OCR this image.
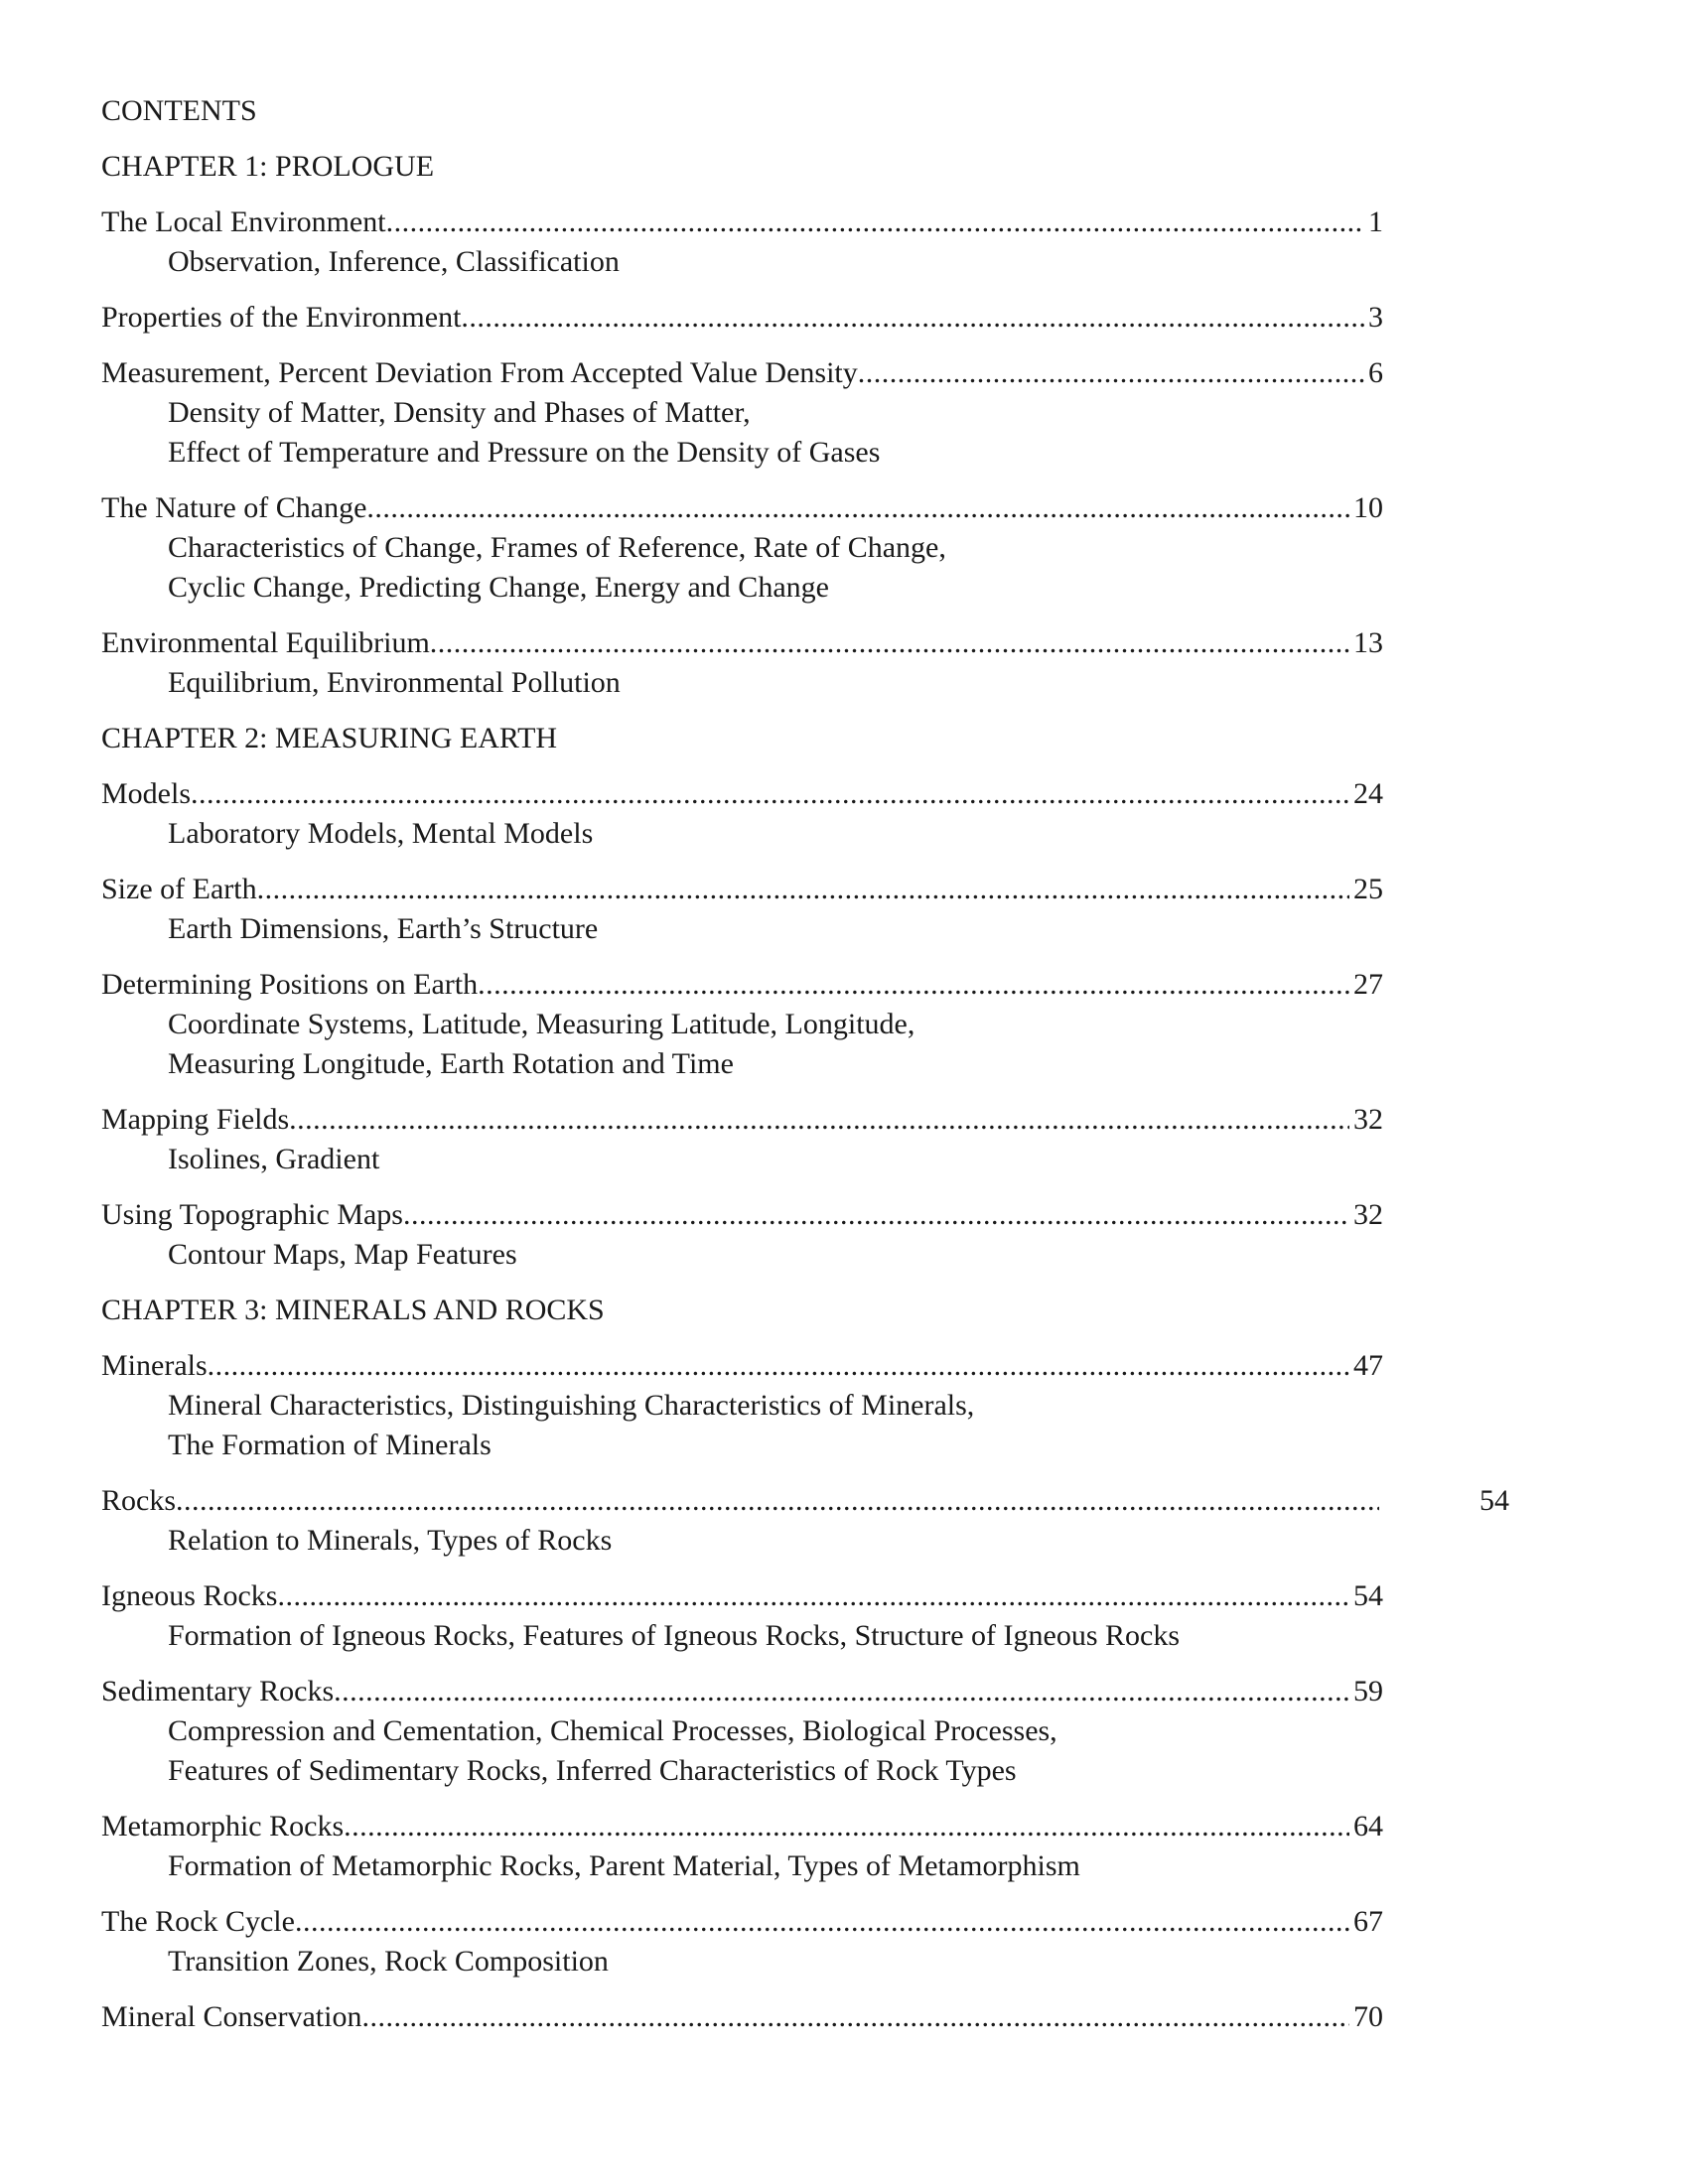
CONTENTS
CHAPTER 1: PROLOGUE
The Local Environment .....	1
Observation, Inference, Classification
Properties of the Environment .....	3
Measurement, Percent Deviation From Accepted Value Density .....	6
Density of Matter, Density and Phases of Matter,
Effect of Temperature and Pressure on the Density of Gases
The Nature of Change .....	10
Characteristics of Change, Frames of Reference, Rate of Change,
Cyclic Change, Predicting Change, Energy and Change
Environmental Equilibrium .....	13
Equilibrium, Environmental Pollution
CHAPTER 2: MEASURING EARTH
Models .....	24
Laboratory Models, Mental Models
Size of Earth .....	25
Earth Dimensions, Earth’s Structure
Determining Positions on Earth .....	27
Coordinate Systems, Latitude, Measuring Latitude, Longitude,
Measuring Longitude, Earth Rotation and Time
Mapping Fields .....	32
Isolines, Gradient
Using Topographic Maps .....	32
Contour Maps, Map Features
CHAPTER 3: MINERALS AND ROCKS
Minerals .....	47
Mineral Characteristics, Distinguishing Characteristics of Minerals,
The Formation of Minerals
Rocks .....	54
Relation to Minerals, Types of Rocks
Igneous Rocks .....	54
Formation of Igneous Rocks, Features of Igneous Rocks, Structure of Igneous Rocks
Sedimentary Rocks .....	59
Compression and Cementation, Chemical Processes, Biological Processes,
Features of Sedimentary Rocks, Inferred Characteristics of Rock Types
Metamorphic Rocks .....	64
Formation of Metamorphic Rocks, Parent Material, Types of Metamorphism
The Rock Cycle .....	67
Transition Zones, Rock Composition
Mineral Conservation .....	70
